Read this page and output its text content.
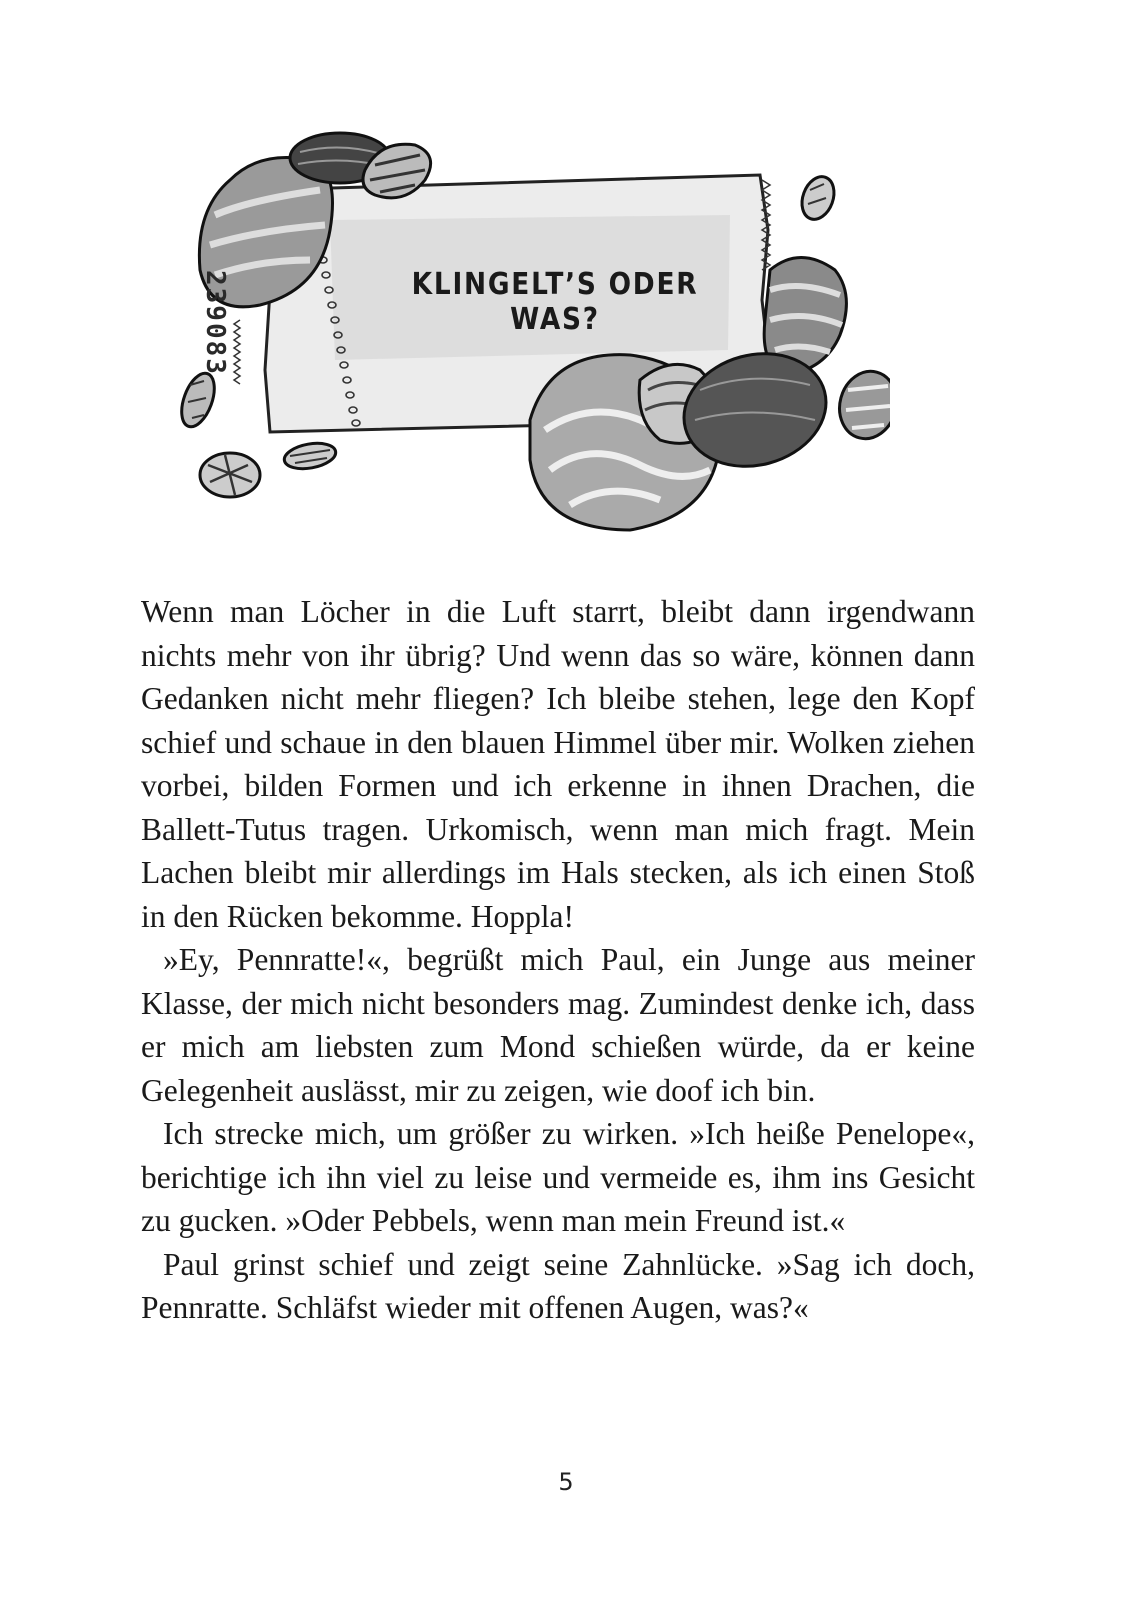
239083	KLINGELT’S ODER WAS?

Wenn man Löcher in die Luft starrt, bleibt dann irgendwann nichts mehr von ihr übrig? Und wenn das so wäre, können dann Gedanken nicht mehr fliegen? Ich bleibe stehen, lege den Kopf schief und schaue in den blauen Himmel über mir. Wolken ziehen vorbei, bilden Formen und ich erkenne in ihnen Drachen, die Ballett-Tutus tragen. Urkomisch, wenn man mich fragt. Mein Lachen bleibt mir allerdings im Hals stecken, als ich einen Stoß in den Rücken bekomme. Hoppla!

»Ey, Pennratte!«, begrüßt mich Paul, ein Junge aus meiner Klasse, der mich nicht besonders mag. Zumindest denke ich, dass er mich am liebsten zum Mond schießen würde, da er keine Gelegenheit auslässt, mir zu zeigen, wie doof ich bin.

Ich strecke mich, um größer zu wirken. »Ich heiße Penelope«, berichtige ich ihn viel zu leise und vermeide es, ihm ins Gesicht zu gucken. »Oder Pebbels, wenn man mein Freund ist.«

Paul grinst schief und zeigt seine Zahnlücke. »Sag ich doch, Pennratte. Schläfst wieder mit offenen Augen, was?«

5
